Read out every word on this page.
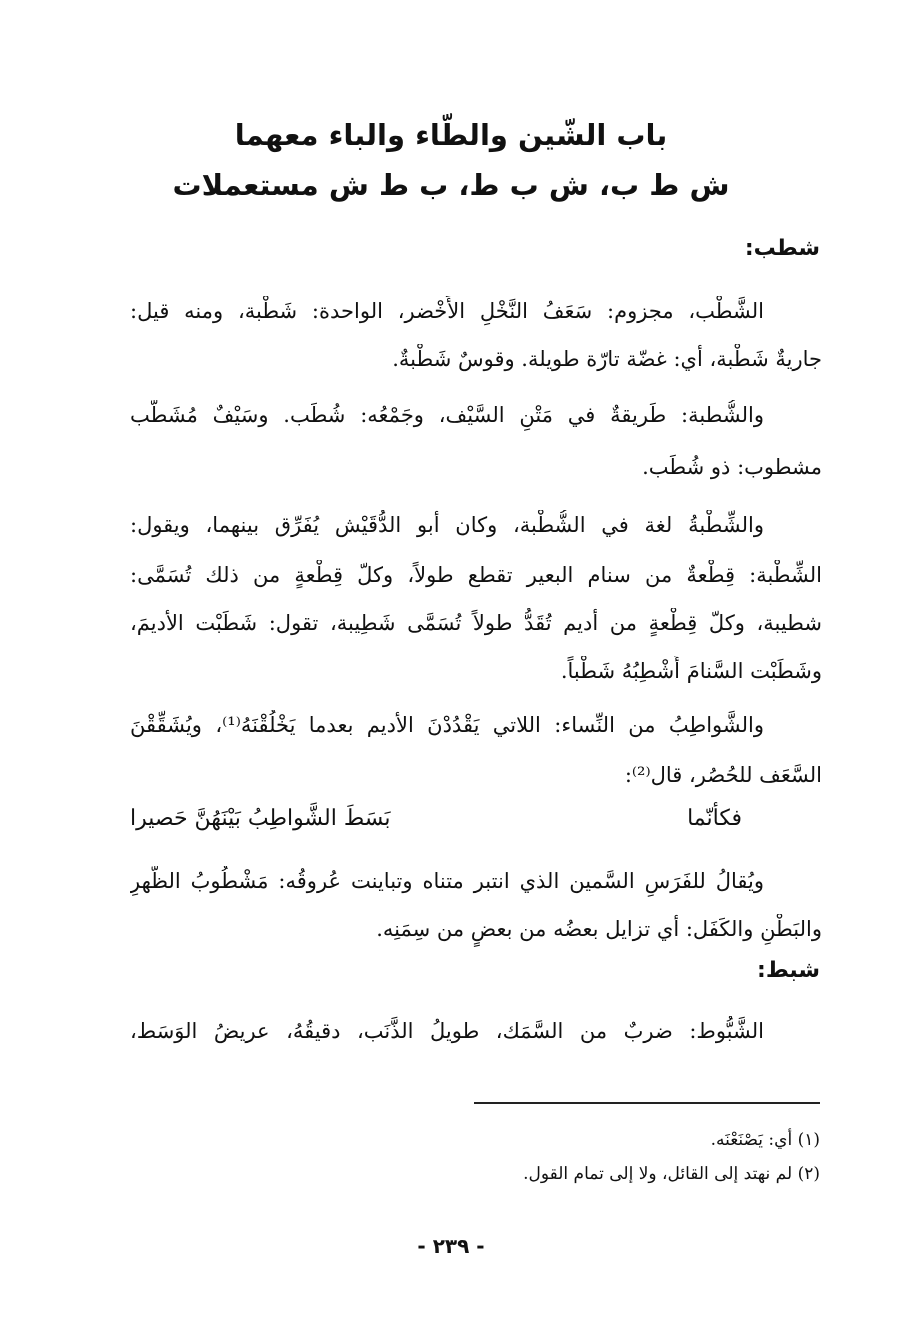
باب الشّين والطّاء والباء معهما
ش ط ب، ش ب ط، ب ط ش مستعملات
شطب:
الشَّطْب، مجزوم: سَعَفُ النَّخْلِ الأَخْضر، الواحدة: شَطْبة، ومنه قيل:
جاريةٌ شَطْبة، أي: غضّة تارّة طويلة. وقوسٌ شَطْبةٌ.
والشُّطبة: طَريقةٌ في مَتْنِ السَّيْف، وجَمْعُه: شُطَب. وسَيْفٌ مُشَطَّب
مشطوب: ذو شُطَب.
والشِّطْبةُ لغة في الشُّطْبة، وكان أبو الدُّقَيْش يُفَرِّق بينهما، ويقول:
الشِّطْبة: قِطْعةٌ من سنام البعير تقطع طولاً، وكلّ قِطْعةٍ من ذلك تُسَمَّى:
شطيبة، وكلّ قِطْعةٍ من أديم تُقَدُّ طولاً تُسَمَّى شَطِيبة، تقول: شَطَبْت الأديمَ،
وشَطَبْت السَّنامَ أَشْطِبُهُ شَطْباً.
والشَّواطِبُ من النِّساء: اللاتي يَقْدُدْنَ الأديم بعدما يَخْلُقْنَهُ⁽¹⁾، ويُشَقِّقْنَ
السَّعَف للحُصُر، قال⁽²⁾:
فكأنّما
بَسَطَ الشَّواطِبُ بَيْنَهُنَّ حَصيرا
ويُقالُ للفَرَسِ السَّمين الذي انتبر متناه وتباينت عُروقُه: مَشْطُوبُ الظَّهرِ
والبَطْنِ والكَفَل: أي تزايل بعضُه من بعضٍ من سِمَنِه.
شبط:
الشَّبُّوط: ضربٌ من السَّمَك، طويلُ الذَّنَب، دقيقُهُ، عريضُ الوَسَط،
(١) أي: يَصْنَعْنَه.
(٢) لم نهتد إلى القائل، ولا إلى تمام القول.
- ٢٣٩ -
